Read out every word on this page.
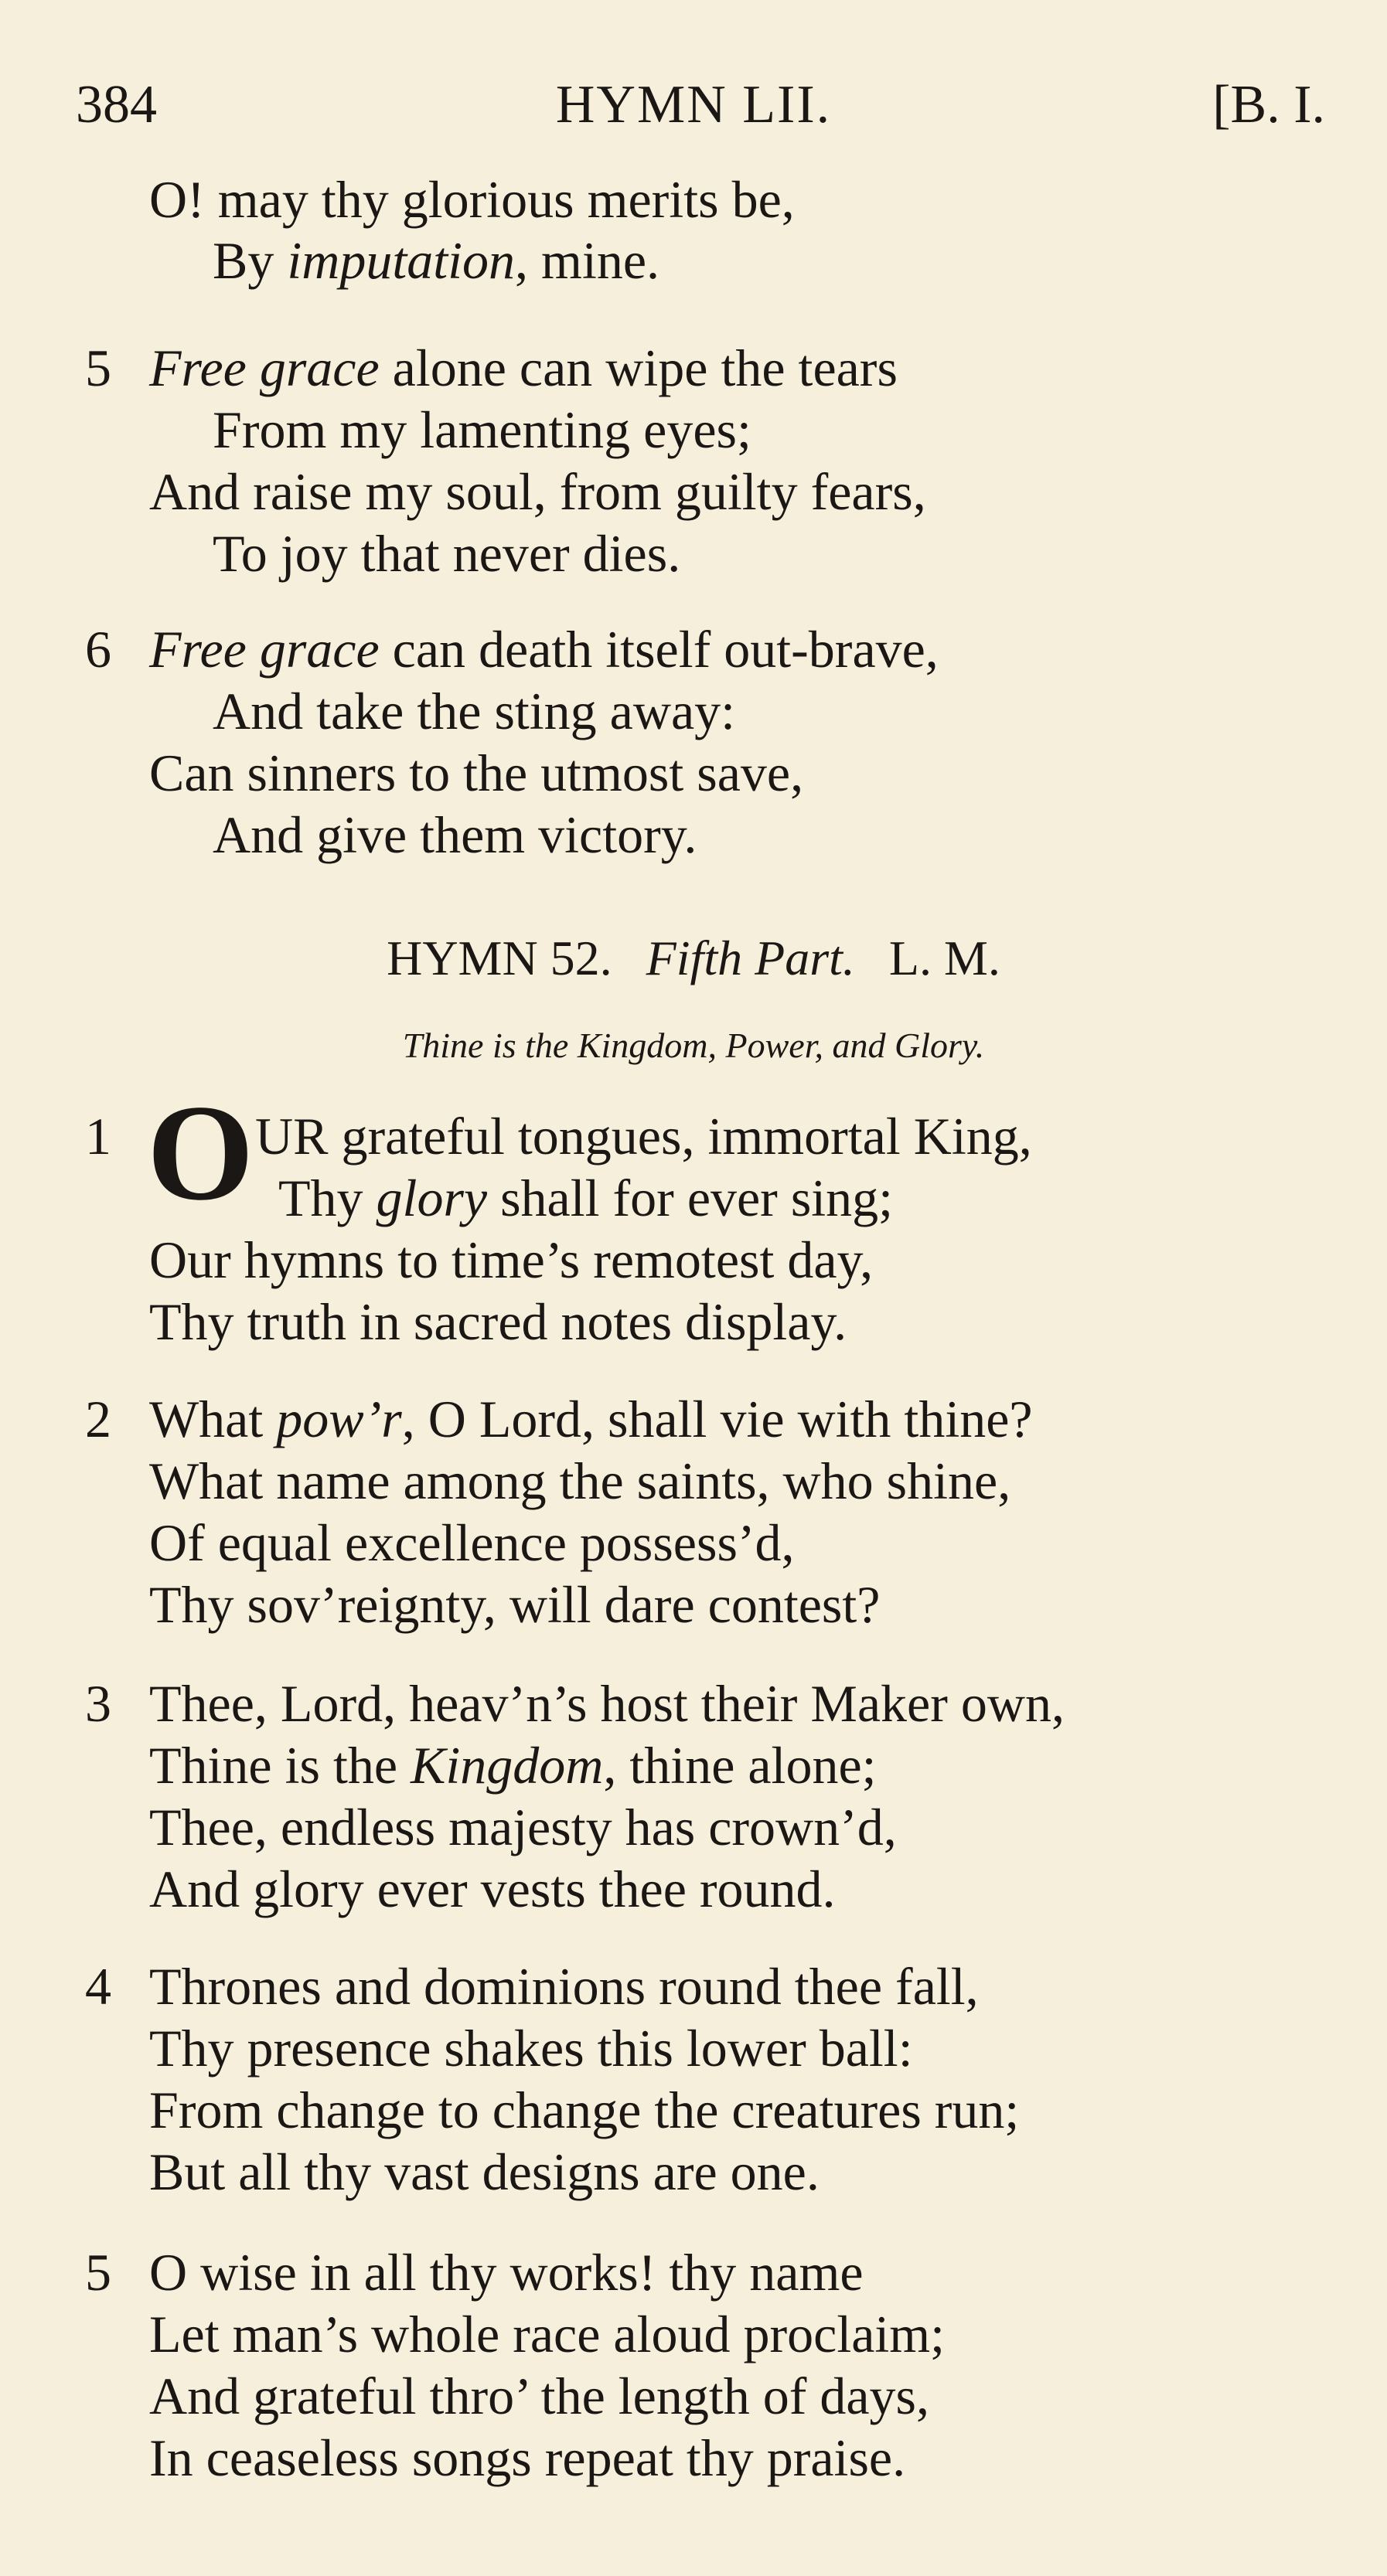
384	HYMN LII.	[B. I.
O! may thy glorious merits be,
By imputation, mine.
5 Free grace alone can wipe the tears
From my lamenting eyes;
And raise my soul, from guilty fears,
To joy that never dies.
6 Free grace can death itself out-brave,
And take the sting away:
Can sinners to the utmost save,
And give them victory.
HYMN 52. Fifth Part. L. M.
Thine is the Kingdom, Power, and Glory.
1 O UR grateful tongues, immortal King,
Thy glory shall for ever sing;
Our hymns to time’s remotest day,
Thy truth in sacred notes display.
2 What pow’r, O Lord, shall vie with thine?
What name among the saints, who shine,
Of equal excellence possess’d,
Thy sov’reignty, will dare contest?
3 Thee, Lord, heav’n’s host their Maker own,
Thine is the Kingdom, thine alone;
Thee, endless majesty has crown’d,
And glory ever vests thee round.
4 Thrones and dominions round thee fall,
Thy presence shakes this lower ball:
From change to change the creatures run;
But all thy vast designs are one.
5 O wise in all thy works! thy name
Let man’s whole race aloud proclaim;
And grateful thro’ the length of days,
In ceaseless songs repeat thy praise.
